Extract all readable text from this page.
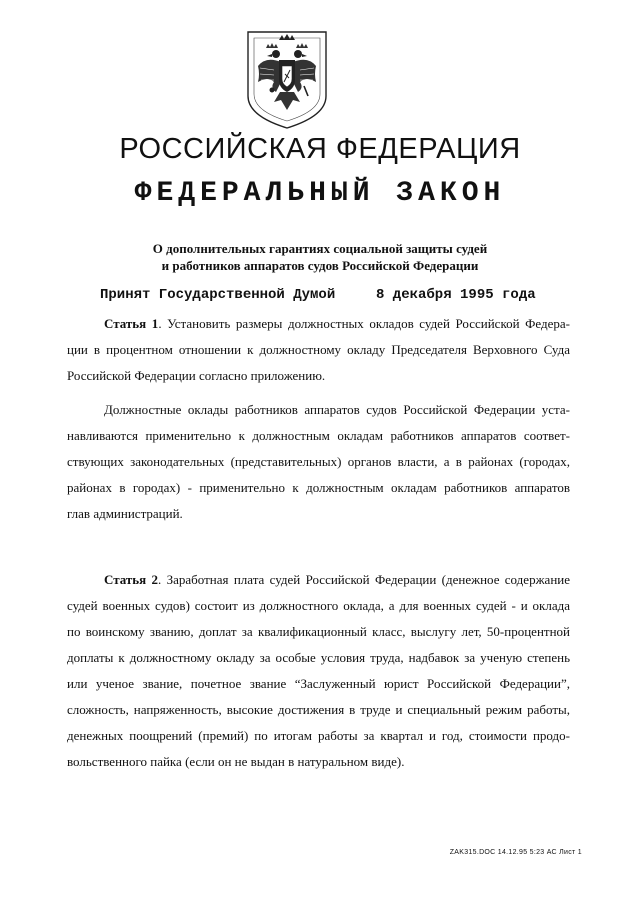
РОССИЙСКАЯ ФЕДЕРАЦИЯ
ФЕДЕРАЛЬНЫЙ ЗАКОН
О дополнительных гарантиях социальной защиты судей
и работников аппаратов судов Российской Федерации
Принят Государственной Думой	8 декабря 1995 года
Статья 1. Установить размеры должностных окладов судей Российской Федера-
ции в процентном отношении к должностному окладу Председателя Верховного Суда
Российской Федерации согласно приложению.
Должностные оклады работников аппаратов судов Российской Федерации уста-
навливаются применительно к должностным окладам работников аппаратов соответ-
ствующих законодательных (представительных) органов власти, а в районах (городах,
районах в городах) - применительно к должностным окладам работников аппаратов
глав администраций.
Статья 2. Заработная плата судей Российской Федерации (денежное содержание
судей военных судов) состоит из должностного оклада, а для военных судей - и оклада
по воинскому званию, доплат за квалификационный класс, выслугу лет, 50-процентной
доплаты к должностному окладу за особые условия труда, надбавок за ученую степень
или ученое звание, почетное звание “Заслуженный юрист Российской Федерации”,
сложность, напряженность, высокие достижения в труде и специальный режим работы,
денежных поощрений (премий) по итогам работы за квартал и год, стоимости продо-
вольственного пайка (если он не выдан в натуральном виде).
ZAK315.DOC 14.12.95 5:23 АС Лист 1
